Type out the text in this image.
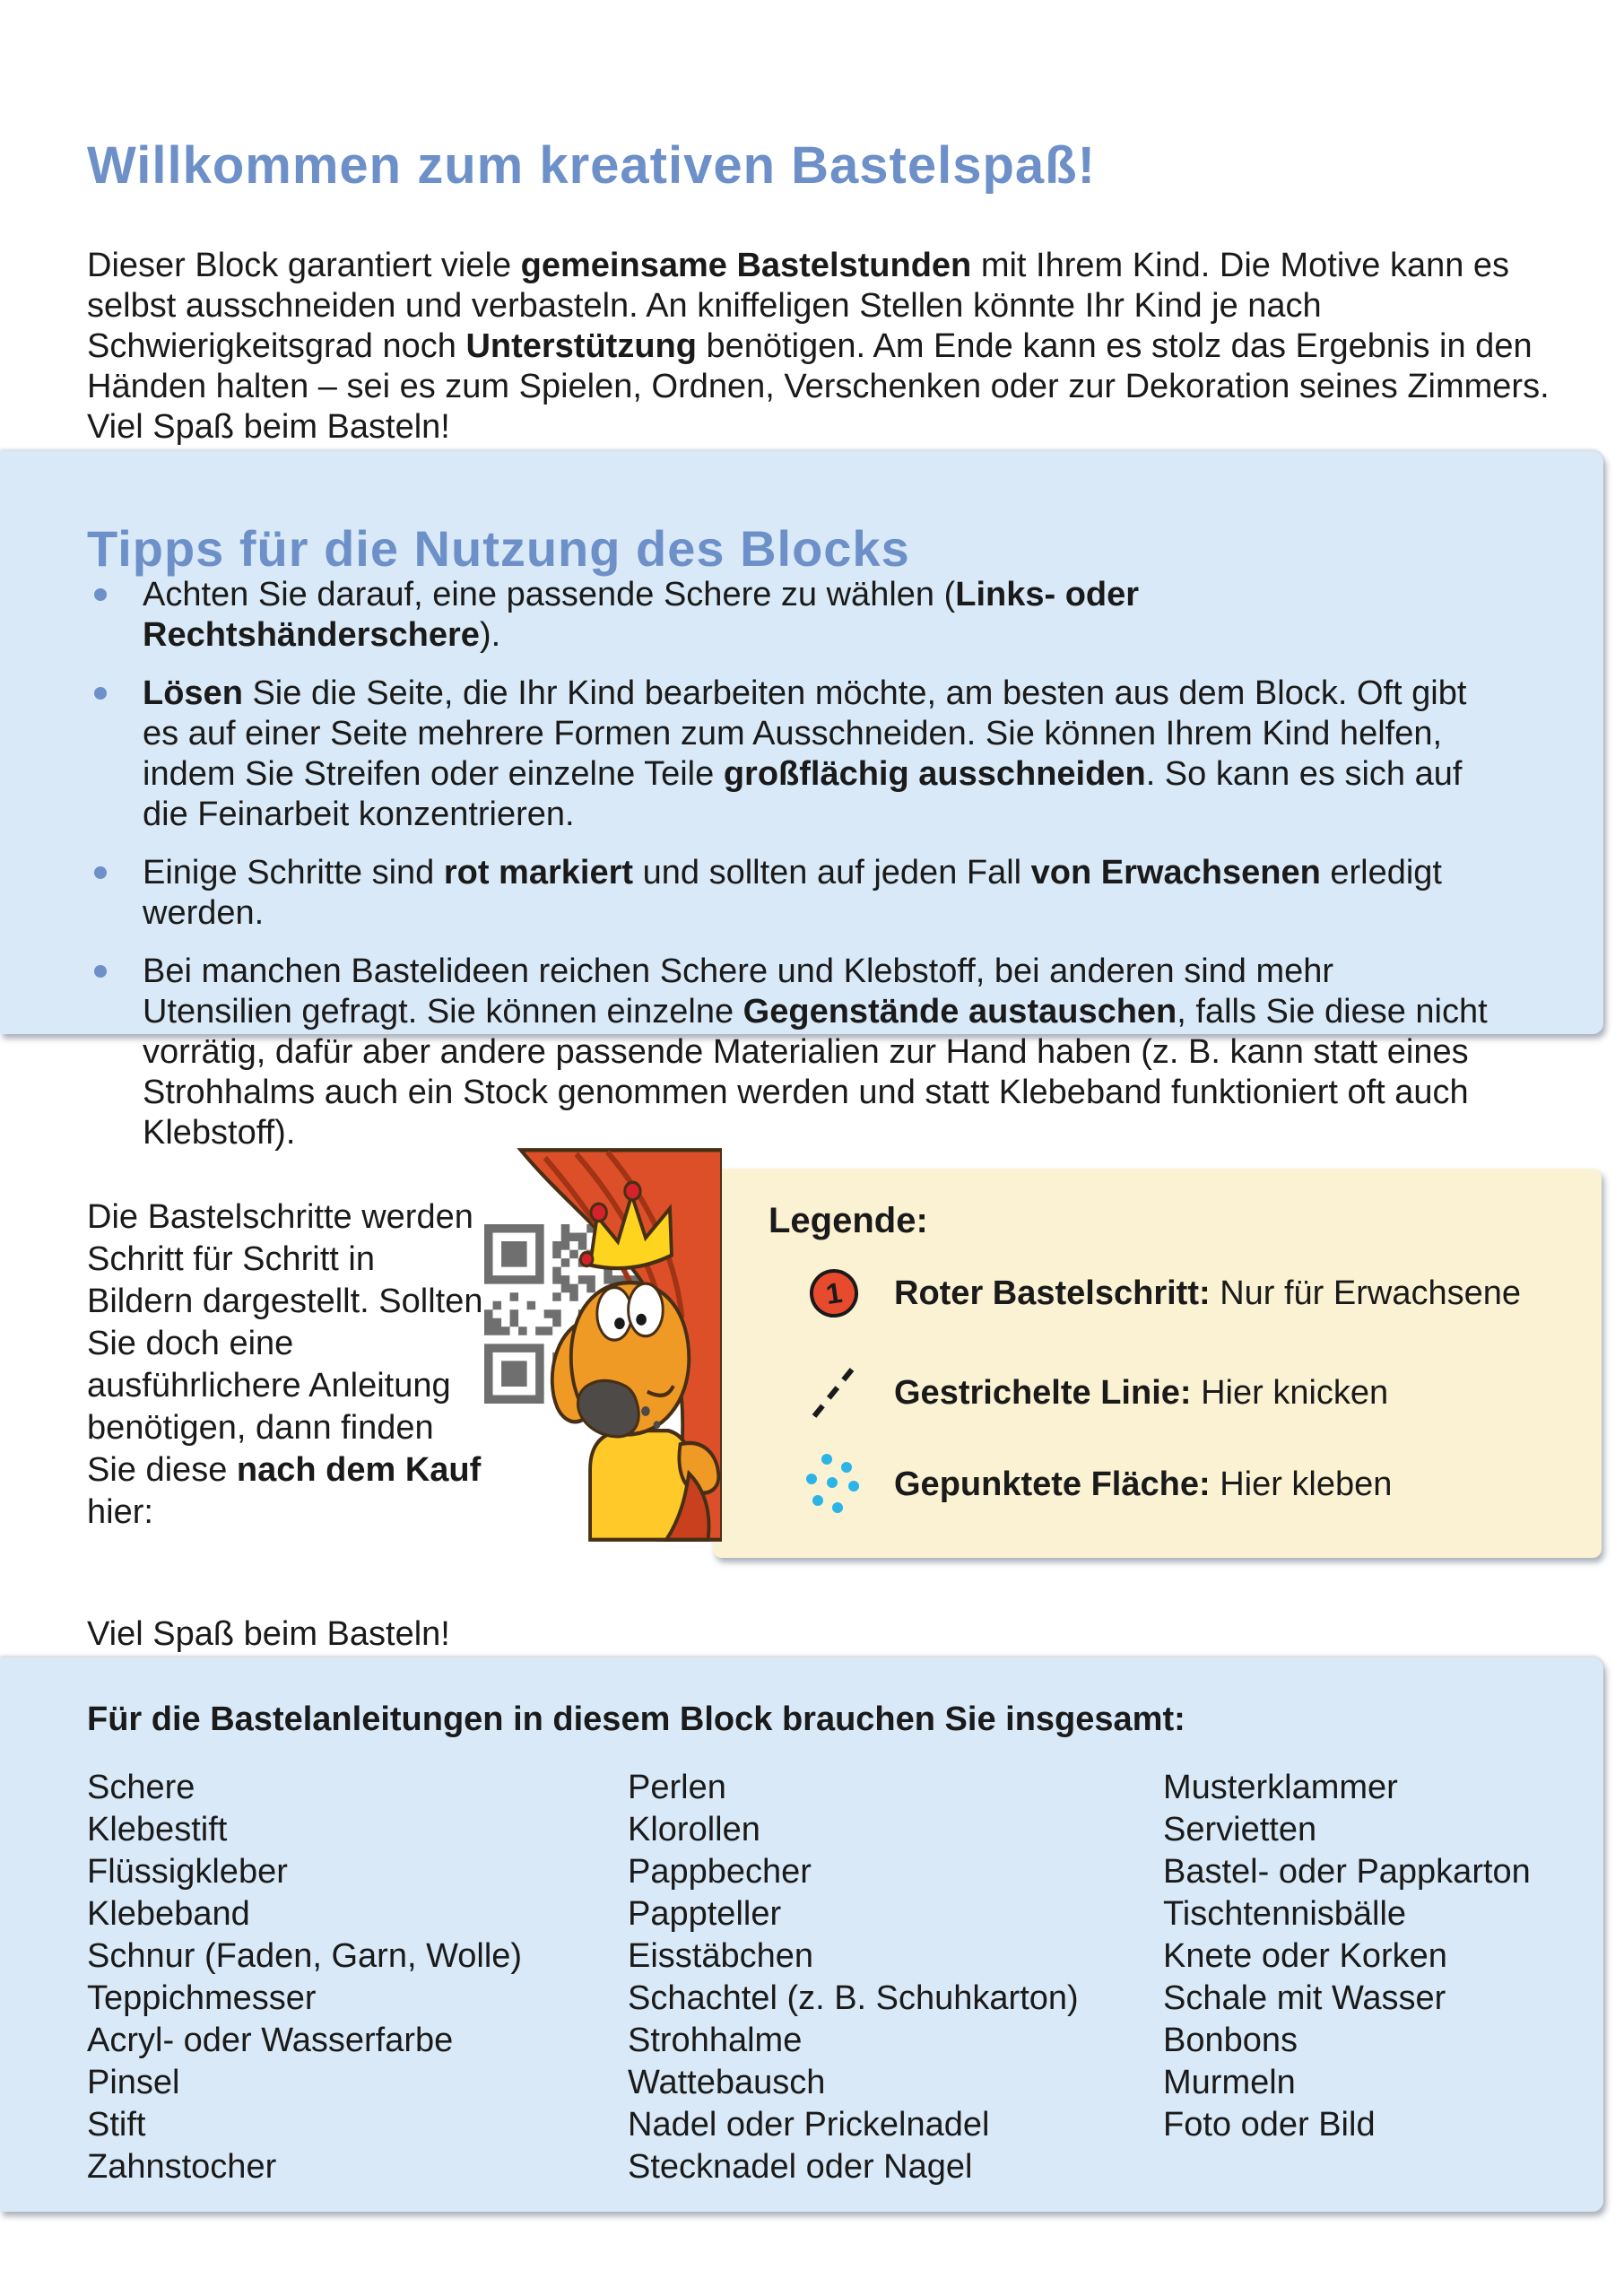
Willkommen zum kreativen Bastelspaß!

Dieser Block garantiert viele gemeinsame Bastelstunden mit Ihrem Kind. Die Motive kann es selbst ausschneiden und verbasteln. An kniffeligen Stellen könnte Ihr Kind je nach Schwierigkeitsgrad noch Unterstützung benötigen. Am Ende kann es stolz das Ergebnis in den Händen halten – sei es zum Spielen, Ordnen, Verschenken oder zur Dekoration seines Zimmers. Viel Spaß beim Basteln!

Tipps für die Nutzung des Blocks
Achten Sie darauf, eine passende Schere zu wählen (Links- oder Rechtshänderschere).
Lösen Sie die Seite, die Ihr Kind bearbeiten möchte, am besten aus dem Block. Oft gibt es auf einer Seite mehrere Formen zum Ausschneiden. Sie können Ihrem Kind helfen, indem Sie Streifen oder einzelne Teile großflächig ausschneiden. So kann es sich auf die Feinarbeit konzentrieren.
Einige Schritte sind rot markiert und sollten auf jeden Fall von Erwachsenen erledigt werden.
Bei manchen Bastelideen reichen Schere und Klebstoff, bei anderen sind mehr Utensilien gefragt. Sie können einzelne Gegenstände austauschen, falls Sie diese nicht vorrätig, dafür aber andere passende Materialien zur Hand haben (z. B. kann statt eines Strohhalms auch ein Stock genommen werden und statt Klebeband funktioniert oft auch Klebstoff).

Die Bastelschritte werden Schritt für Schritt in Bildern dargestellt. Sollten Sie doch eine ausführlichere Anleitung benötigen, dann finden Sie diese nach dem Kauf hier:

Legende:
1	Roter Bastelschritt: Nur für Erwachsene
Gestrichelte Linie: Hier knicken
Gepunktete Fläche: Hier kleben

Viel Spaß beim Basteln!

Für die Bastelanleitungen in diesem Block brauchen Sie insgesamt:
Schere
Klebestift
Flüssigkleber
Klebeband
Schnur (Faden, Garn, Wolle)
Teppichmesser
Acryl- oder Wasserfarbe
Pinsel
Stift
Zahnstocher
Perlen
Klorollen
Pappbecher
Pappteller
Eisstäbchen
Schachtel (z. B. Schuhkarton)
Strohhalme
Wattebausch
Nadel oder Prickelnadel
Stecknadel oder Nagel
Musterklammer
Servietten
Bastel- oder Pappkarton
Tischtennisbälle
Knete oder Korken
Schale mit Wasser
Bonbons
Murmeln
Foto oder Bild
